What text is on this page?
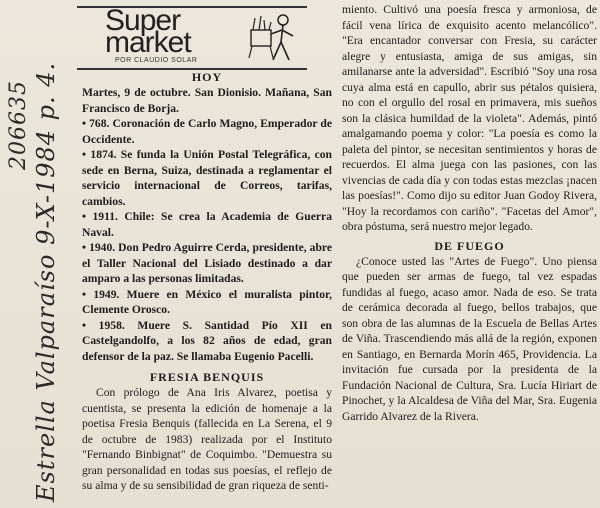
206635 Estrella Valparaíso 9-X-1984 p. 4.
Super market
POR CLAUDIO SOLAR

HOY

Martes, 9 de octubre. San Dionisio. Mañana, San Francisco de Borja.

• 768. Coronación de Carlo Magno, Emperador de Occidente.

• 1874. Se funda la Unión Postal Telegráfica, con sede en Berna, Suiza, destinada a reglamentar el servicio internacional de Correos, tarifas, cambios.

• 1911. Chile: Se crea la Academia de Guerra Naval.

• 1940. Don Pedro Aguirre Cerda, presidente, abre el Taller Nacional del Lisiado destinado a dar amparo a las personas limitadas.

• 1949. Muere en México el muralista pintor, Clemente Orosco.

• 1958. Muere S. Santidad Pío XII en Castelgandolfo, a los 82 años de edad, gran defensor de la paz. Se llamaba Eugenio Pacelli.

FRESIA BENQUIS

Con prólogo de Ana Iris Alvarez, poetisa y cuentista, se presenta la edición de homenaje a la poetisa Fresia Benquis (fallecida en La Serena, el 9 de octubre de 1983) realizada por el Instituto "Fernando Binbignat" de Coquimbo. "Demuestra su gran personalidad en todas sus poesías, el reflejo de su alma y de su sensibilidad de gran riqueza de senti-

miento. Cultivó una poesía fresca y armoniosa, de fácil vena lírica de exquisito acento melancólico". "Era encantador conversar con Fresia, su carácter alegre y entusiasta, amiga de sus amigas, sin amilanarse ante la adversidad". Escribió "Soy una rosa cuya alma está en capullo, abrir sus pétalos quisiera, no con el orgullo del rosal en primavera, mis sueños son la clásica humildad de la violeta". Además, pintó amalgamando poema y color: "La poesía es como la paleta del pintor, se necesitan sentimientos y horas de recuerdos. El alma juega con las pasiones, con las vivencias de cada día y con todas estas mezclas ¡nacen las poesías!". Como dijo su editor Juan Godoy Rivera, "Hoy la recordamos con cariño". "Facetas del Amor", obra póstuma, será nuestro mejor legado.

DE FUEGO

¿Conoce usted las "Artes de Fuego". Uno piensa que pueden ser armas de fuego, tal vez espadas fundidas al fuego, acaso amor. Nada de eso. Se trata de cerámica decorada al fuego, bellos trabajos, que son obra de las alumnas de la Escuela de Bellas Artes de Viña. Trascendiendo más allá de la región, exponen en Santiago, en Bernarda Morín 465, Providencia. La invitación fue cursada por la presidenta de la Fundación Nacional de Cultura, Sra. Lucía Hiriart de Pinochet, y la Alcaldesa de Viña del Mar, Sra. Eugenia Garrido Alvarez de la Rivera.
